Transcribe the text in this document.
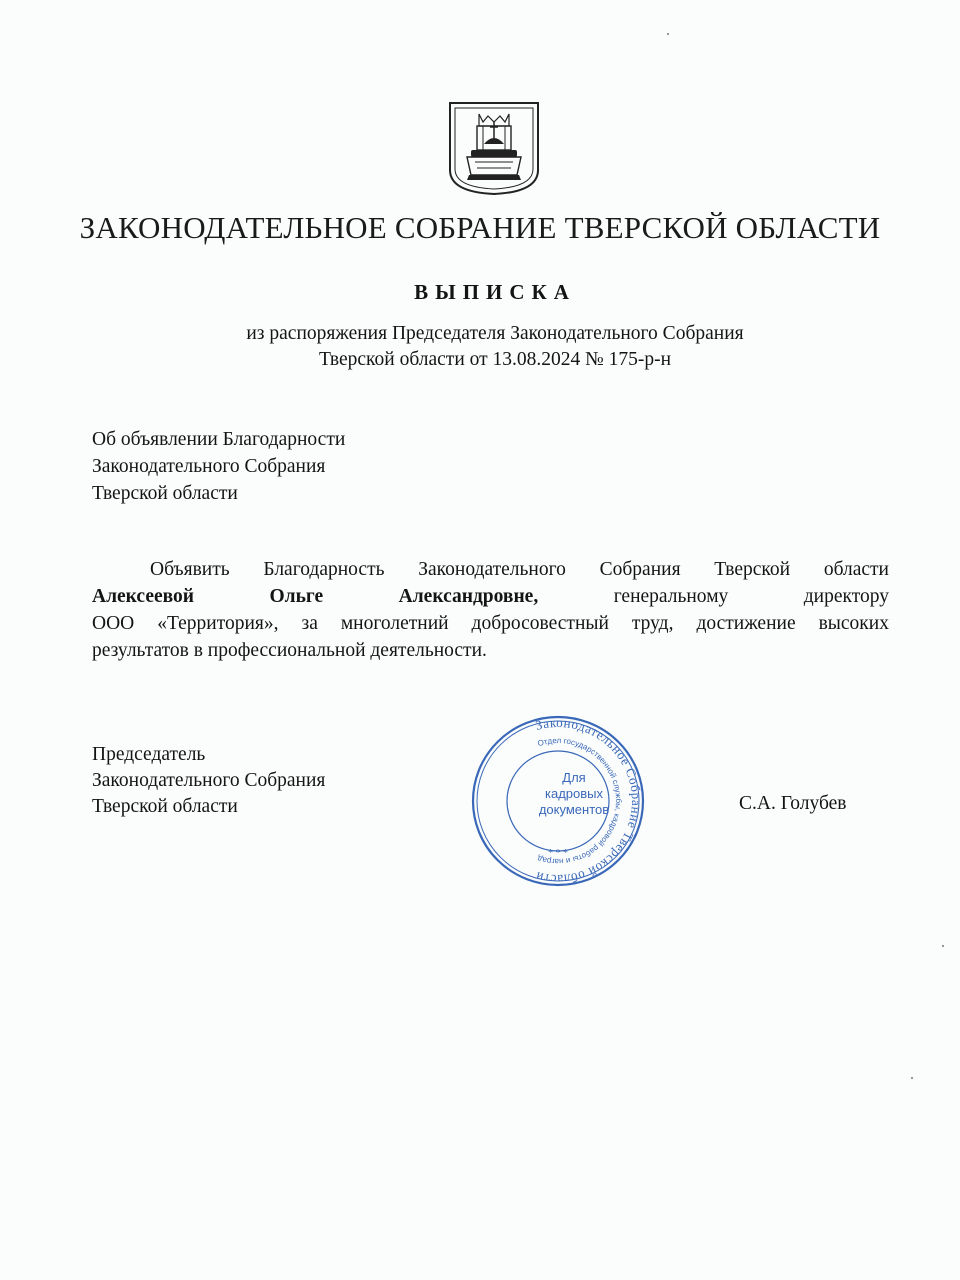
ЗАКОНОДАТЕЛЬНОЕ СОБРАНИЕ ТВЕРСКОЙ ОБЛАСТИ
ВЫПИСКА
из распоряжения Председателя Законодательного Собрания
Тверской области от 13.08.2024 № 175-р-н
Об объявлении Благодарности
Законодательного Собрания
Тверской области
Объявить Благодарность Законодательного Собрания Тверской области
Алексеевой	Ольге	Александровне,	генеральному	директору
ООО «Территория», за многолетний добросовестный труд, достижение высоких
результатов в профессиональной деятельности.
Председатель
Законодательного Собрания
Тверской области	С.А. Голубев
Законодательное Собрание Тверской области
Отдел государственной службы, кадровой работы и наград * * *
Для
кадровых
документов
